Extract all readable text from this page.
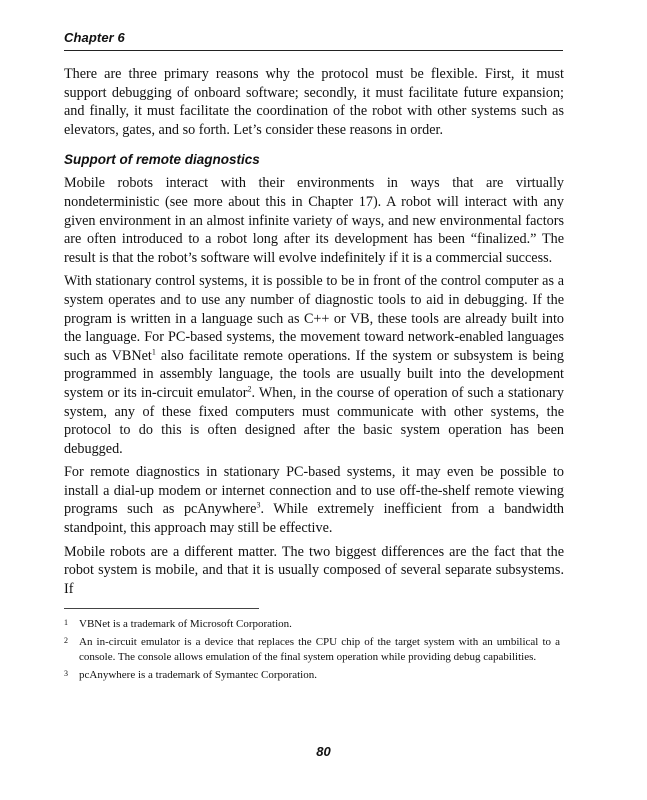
Chapter 6

There are three primary reasons why the protocol must be flexible. First, it must support debugging of onboard software; secondly, it must facilitate future expansion; and finally, it must facilitate the coordination of the robot with other systems such as elevators, gates, and so forth. Let’s consider these reasons in order.

Support of remote diagnostics

Mobile robots interact with their environments in ways that are virtually nondeterministic (see more about this in Chapter 17). A robot will interact with any given environment in an almost infinite variety of ways, and new environmental factors are often introduced to a robot long after its development has been “finalized.” The result is that the robot’s software will evolve indefinitely if it is a commercial success.

With stationary control systems, it is possible to be in front of the control computer as a system operates and to use any number of diagnostic tools to aid in debugging. If the program is written in a language such as C++ or VB, these tools are already built into the language. For PC-based systems, the movement toward network-enabled languages such as VBNet$^1$ also facilitate remote operations. If the system or subsystem is being programmed in assembly language, the tools are usually built into the development system or its in-circuit emulator$^2$. When, in the course of operation of such a stationary system, any of these fixed computers must communicate with other systems, the protocol to do this is often designed after the basic system operation has been debugged.

For remote diagnostics in stationary PC-based systems, it may even be possible to install a dial-up modem or internet connection and to use off-the-shelf remote viewing programs such as pcAnywhere$^3$. While extremely inefficient from a bandwidth standpoint, this approach may still be effective.

Mobile robots are a different matter. The two biggest differences are the fact that the robot system is mobile, and that it is usually composed of several separate subsystems. If

1 VBNet is a trademark of Microsoft Corporation.
2 An in-circuit emulator is a device that replaces the CPU chip of the target system with an umbilical to a console. The console allows emulation of the final system operation while providing debug capabilities.
3 pcAnywhere is a trademark of Symantec Corporation.
80
